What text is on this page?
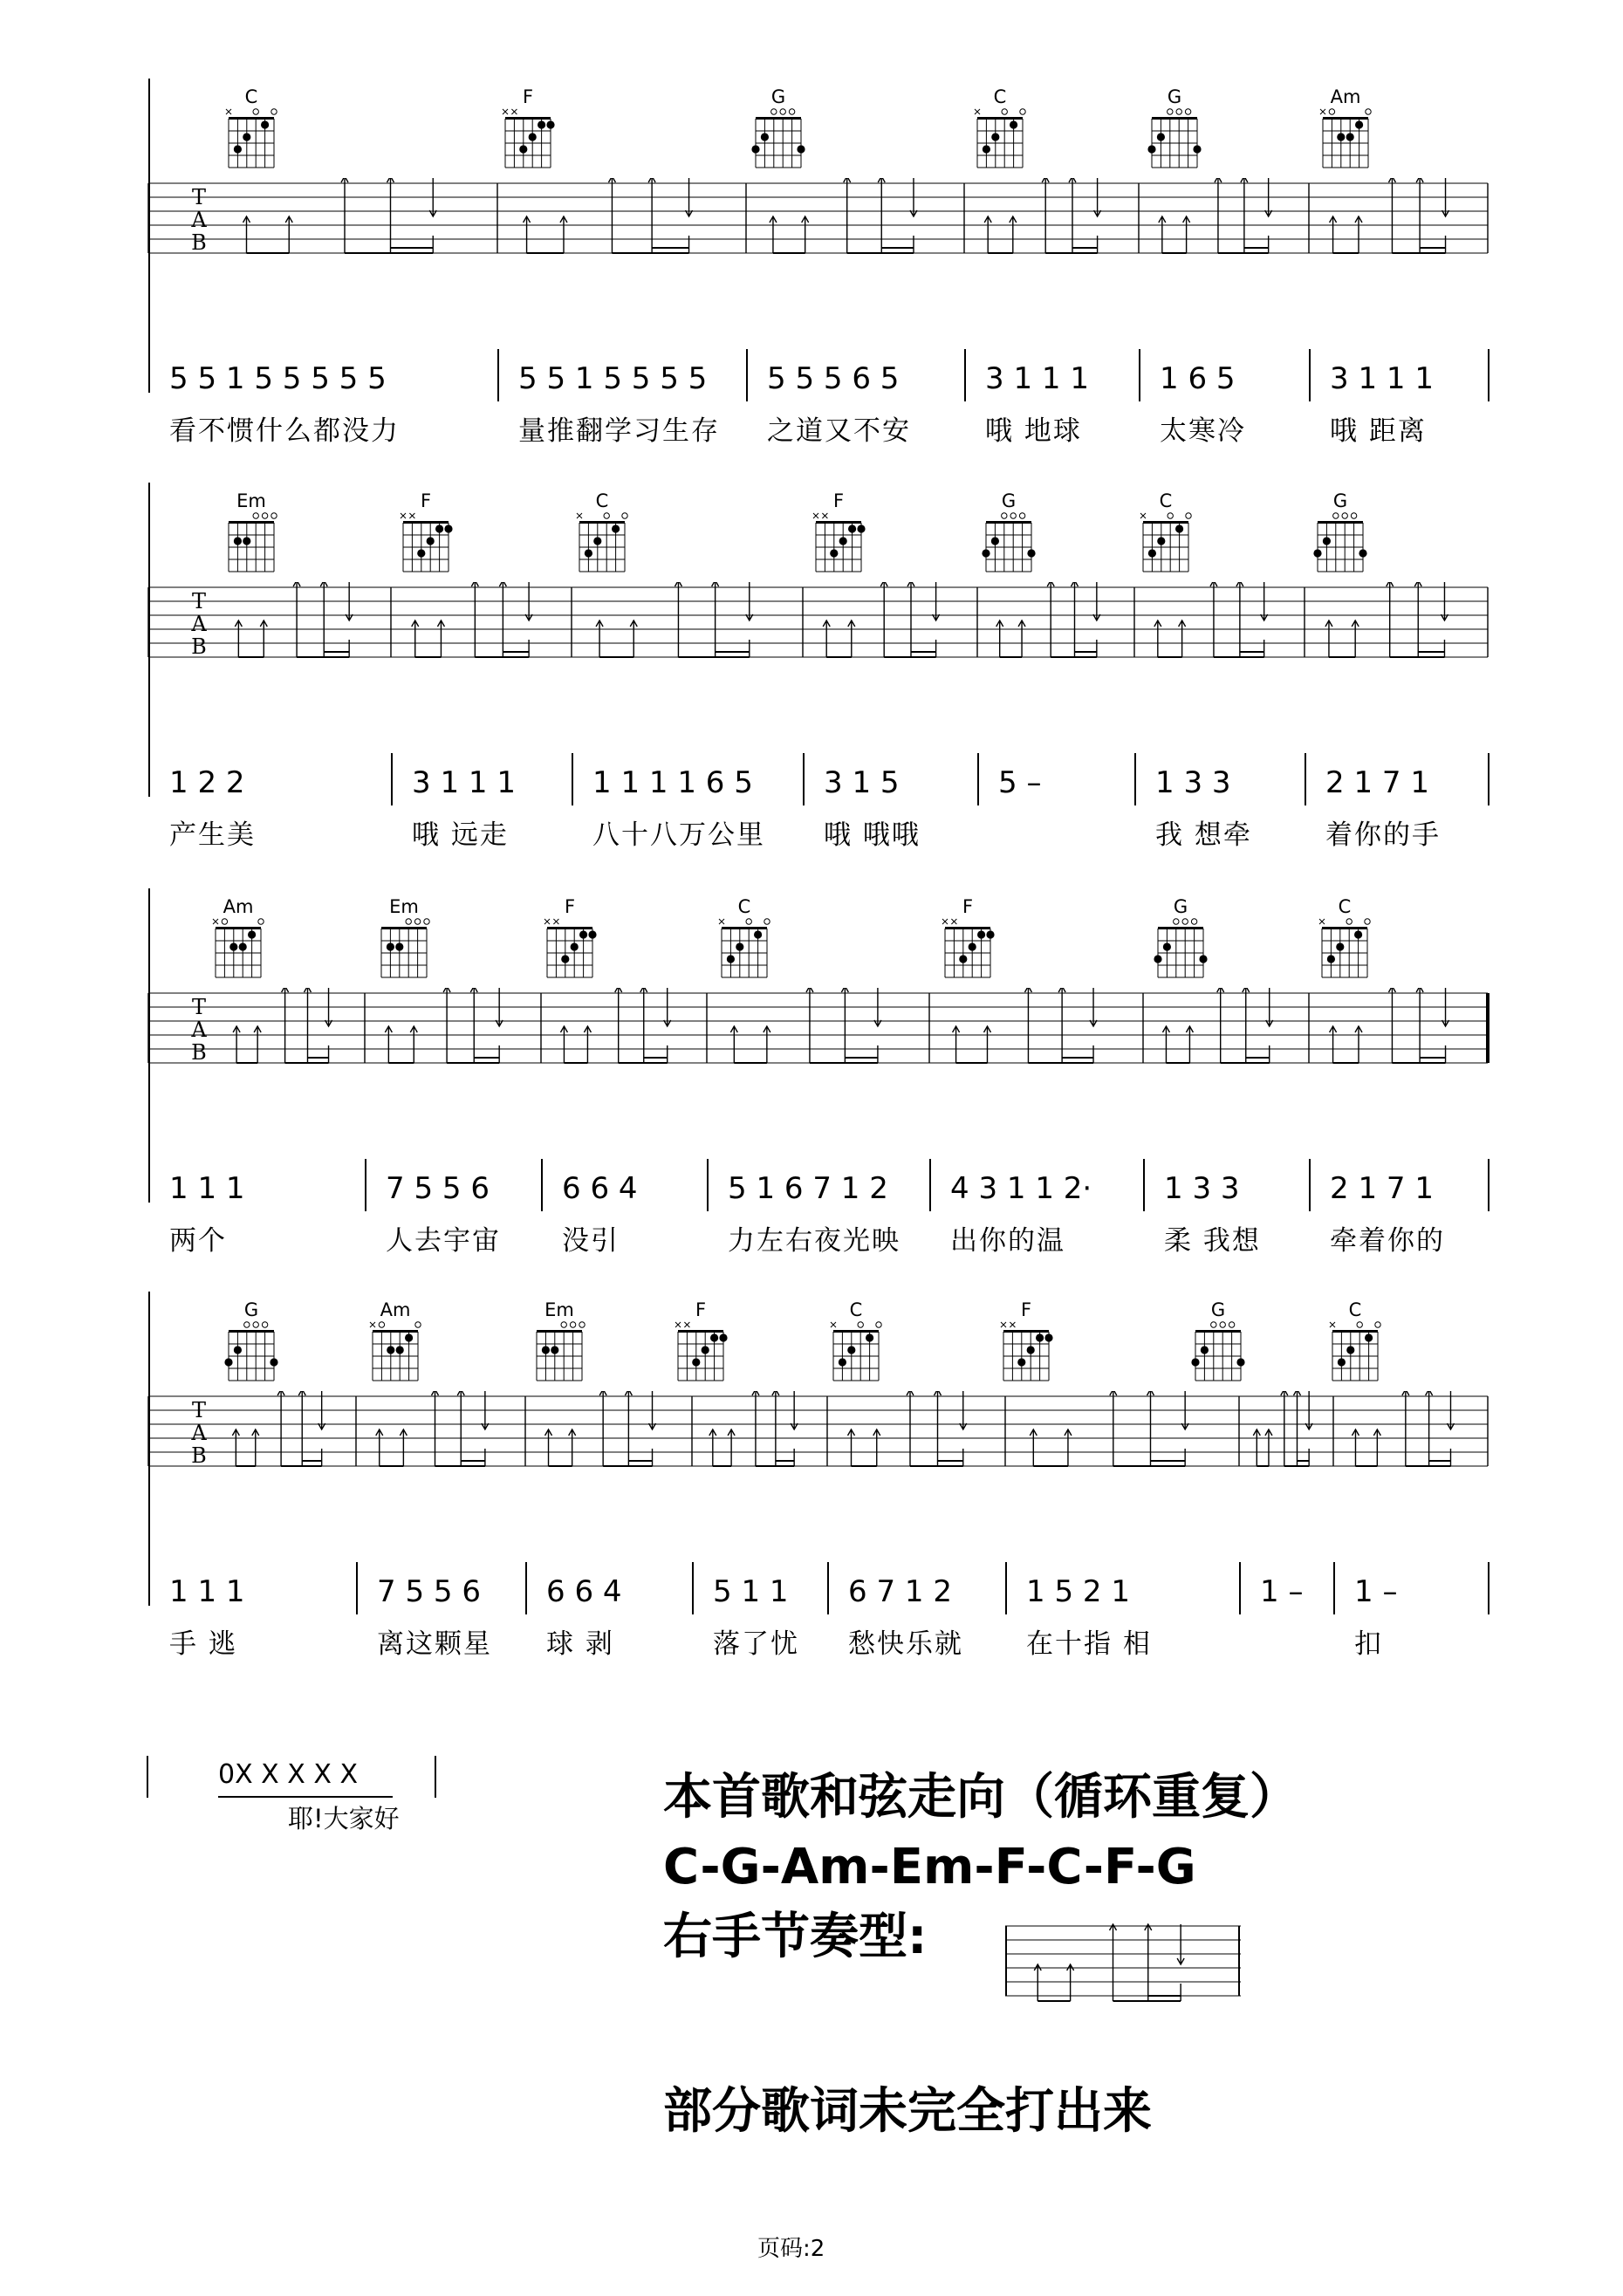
C	F	G	C	G	Am
T
A
B
5 5 1 5 5 5 5 5
看不惯什么都没力
5 5 1 5 5 5 5
量推翻学习生存
5 5 5 6 5
之道又不安
3 1 1 1
哦 地球
1 6 5
太寒冷
3 1 1 1
哦 距离
Em	F	C	F	G	C	G
T
A
B
1 2 2
产生美
3 1 1 1
哦 远走
1 1 1 1 6 5
八十八万公里
3 1 5
哦 哦哦
5 –	1 3 3
我 想牵
2 1 7 1
着你的手
Am	Em	F	C	F	G	C
T
A
B
1 1 1
两个
7 5 5 6
人去宇宙
6 6 4
没引
5 1 6 7 1 2
力左右夜光映
4 3 1 1 2·
出你的温
1 3 3
柔 我想
2 1 7 1
牵着你的
G	Am	Em	F	C	F	G	C
T
A
B
1 1 1
手 逃
7 5 5 6
离这颗星
6 6 4
球 剥
5 1 1
落了忧
6 7 1 2
愁快乐就
1 5 2 1
在十指 相
1 – 1 –
扣
0X X X X X
耶!大家好	本首歌和弦走向（循环重复）
C-G-Am-Em-F-C-F-G
右手节奏型:
部分歌词未完全打出来
页码:2
